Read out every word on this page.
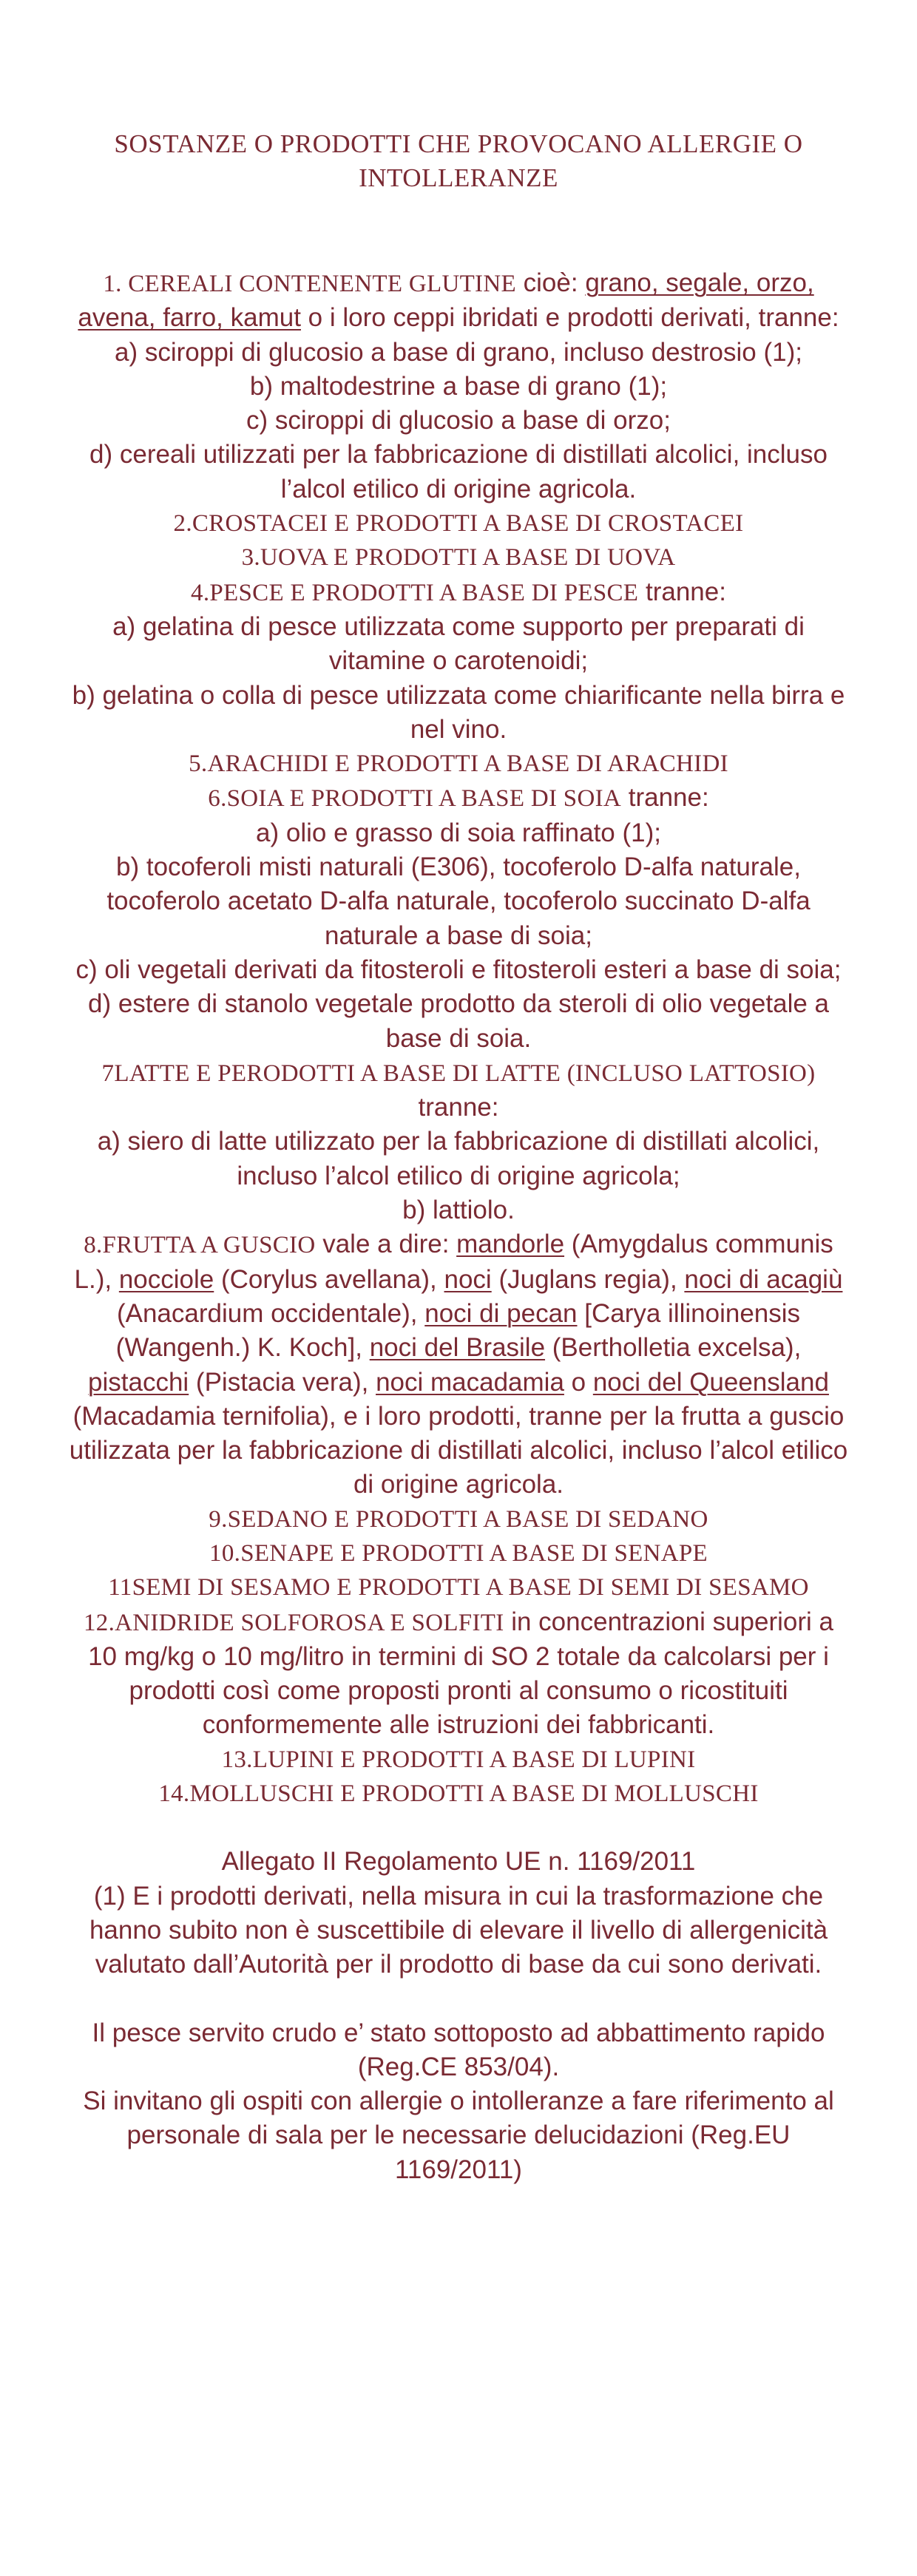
SOSTANZE O PRODOTTI CHE PROVOCANO ALLERGIE O INTOLLERANZE
1. CEREALI CONTENENTE GLUTINE cioè: grano, segale, orzo, avena, farro, kamut o i loro ceppi ibridati e prodotti derivati, tranne:
a) sciroppi di glucosio a base di grano, incluso destrosio (1);
b) maltodestrine a base di grano (1);
c) sciroppi di glucosio a base di orzo;
d) cereali utilizzati per la fabbricazione di distillati alcolici, incluso l’alcol etilico di origine agricola.
2.CROSTACEI E PRODOTTI A BASE DI CROSTACEI
3.UOVA E PRODOTTI A BASE DI UOVA
4.PESCE E PRODOTTI A BASE DI PESCE tranne:
a) gelatina di pesce utilizzata come supporto per preparati di vitamine o carotenoidi;
b) gelatina o colla di pesce utilizzata come chiarificante nella birra e nel vino.
5.ARACHIDI E PRODOTTI A BASE DI ARACHIDI
6.SOIA E PRODOTTI A BASE DI SOIA tranne:
a) olio e grasso di soia raffinato (1);
b) tocoferoli misti naturali (E306), tocoferolo D-alfa naturale, tocoferolo acetato D-alfa naturale, tocoferolo succinato D-alfa naturale a base di soia;
c) oli vegetali derivati da fitosteroli e fitosteroli esteri a base di soia;
d) estere di stanolo vegetale prodotto da steroli di olio vegetale a base di soia.
7LATTE E PERODOTTI A BASE DI LATTE (INCLUSO LATTOSIO) tranne:
a) siero di latte utilizzato per la fabbricazione di distillati alcolici, incluso l’alcol etilico di origine agricola;
b) lattiolo.
8.FRUTTA A GUSCIO vale a dire: mandorle (Amygdalus communis L.), nocciole (Corylus avellana), noci (Juglans regia), noci di acagiù (Anacardium occidentale), noci di pecan [Carya illinoinensis (Wangenh.) K. Koch], noci del Brasile (Bertholletia excelsa), pistacchi (Pistacia vera), noci macadamia o noci del Queensland (Macadamia ternifolia), e i loro prodotti, tranne per la frutta a guscio utilizzata per la fabbricazione di distillati alcolici, incluso l’alcol etilico di origine agricola.
9.SEDANO E PRODOTTI A BASE DI SEDANO
10.SENAPE E PRODOTTI A BASE DI SENAPE
11SEMI DI SESAMO E PRODOTTI A BASE DI SEMI DI SESAMO
12.ANIDRIDE SOLFOROSA E SOLFITI in concentrazioni superiori a 10 mg/kg o 10 mg/litro in termini di SO 2 totale da calcolarsi per i prodotti così come proposti pronti al consumo o ricostituiti conformemente alle istruzioni dei fabbricanti.
13.LUPINI E PRODOTTI A BASE DI LUPINI
14.MOLLUSCHI E PRODOTTI A BASE DI MOLLUSCHI
Allegato II Regolamento UE n. 1169/2011
(1) E i prodotti derivati, nella misura in cui la trasformazione che hanno subito non è suscettibile di elevare il livello di allergenicità valutato dall’Autorità per il prodotto di base da cui sono derivati.
Il pesce servito crudo e’ stato sottoposto ad abbattimento rapido
(Reg.CE 853/04).
Si invitano gli ospiti con allergie o intolleranze a fare riferimento al personale di sala per le necessarie delucidazioni (Reg.EU 1169/2011)
